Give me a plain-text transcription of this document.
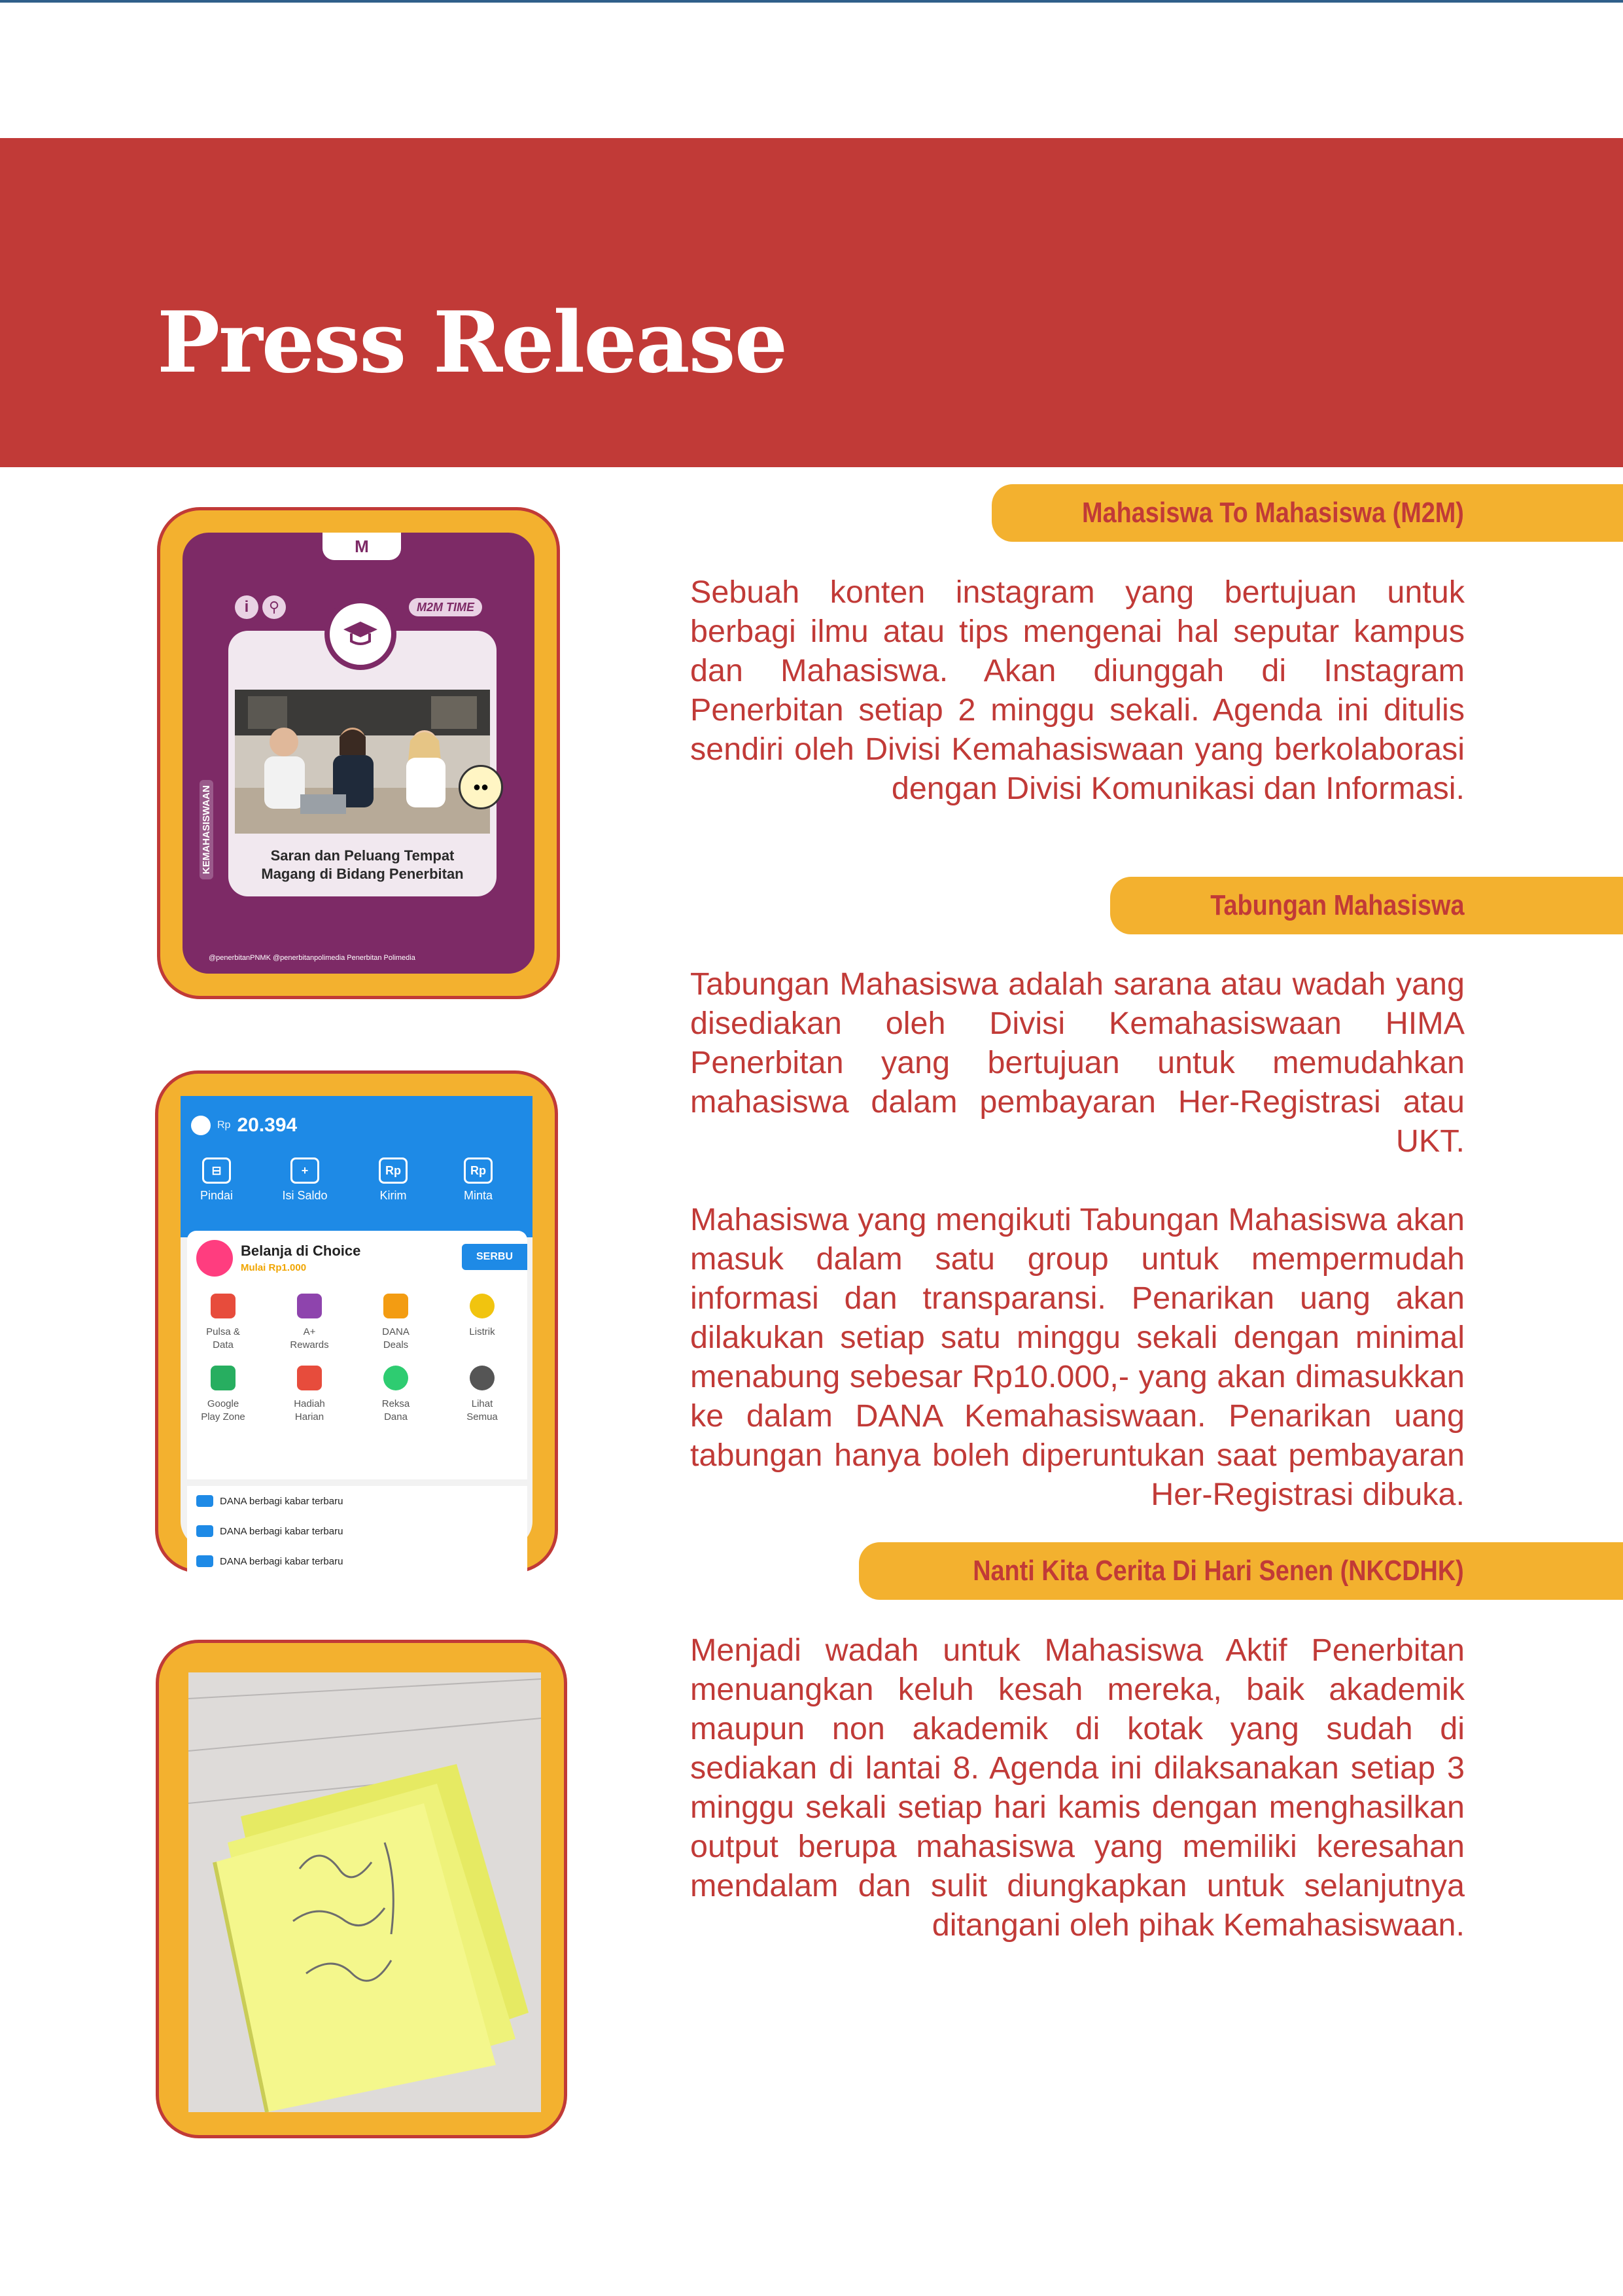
Press Release
M
i	⚲	M2M TIME
●●
Saran dan Peluang Tempat
Magang di Bidang Penerbitan
KEMAHASISWAAN
@penerbitanPNMK @penerbitanpolimedia Penerbitan Polimedia
Rp 20.394
⊟
Pindai
+
Isi Saldo
Rp
Kirim
Rp
Minta
Belanja di Choice
Mulai Rp1.000
SERBU
Pulsa &
Data
A+
Rewards
DANA
Deals
Listrik
Google
Play Zone
Hadiah
Harian
Reksa
Dana
Lihat
Semua
DANA berbagi kabar terbaru
DANA berbagi kabar terbaru
DANA berbagi kabar terbaru
Mahasiswa To Mahasiswa (M2M)

Sebuah konten instagram yang bertujuan untuk berbagi ilmu atau tips mengenai hal seputar kampus dan Mahasiswa. Akan diunggah di Instagram Penerbitan setiap 2 minggu sekali. Agenda ini ditulis sendiri oleh Divisi Kemahasiswaan yang berkolaborasi dengan Divisi Komunikasi dan Informasi.

Tabungan Mahasiswa

Tabungan Mahasiswa adalah sarana atau wadah yang disediakan oleh Divisi Kemahasiswaan HIMA Penerbitan yang bertujuan untuk memudahkan mahasiswa dalam pembayaran Her-Registrasi atau UKT.

Mahasiswa yang mengikuti Tabungan Mahasiswa akan masuk dalam satu group untuk mempermudah informasi dan transparansi. Penarikan uang akan dilakukan setiap satu minggu sekali dengan minimal menabung sebesar Rp10.000,- yang akan dimasukkan ke dalam DANA Kemahasiswaan. Penarikan uang tabungan hanya boleh diperuntukan saat pembayaran Her-Registrasi dibuka.

Nanti Kita Cerita Di Hari Senen (NKCDHK)

Menjadi wadah untuk Mahasiswa Aktif Penerbitan menuangkan keluh kesah mereka, baik akademik maupun non akademik di kotak yang sudah di sediakan di lantai 8. Agenda ini dilaksanakan setiap 3 minggu sekali setiap hari kamis dengan menghasilkan output berupa mahasiswa yang memiliki keresahan mendalam dan sulit diungkapkan untuk selanjutnya ditangani oleh pihak Kemahasiswaan.
